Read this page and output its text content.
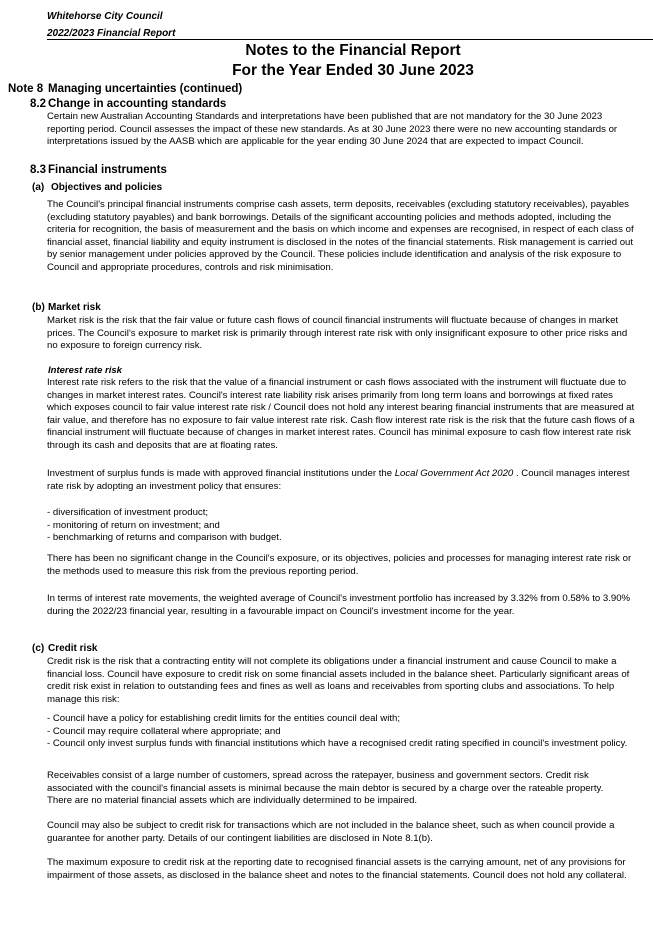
Whitehorse City Council
2022/2023 Financial Report
Notes to the Financial Report
For the Year Ended 30 June 2023
Note 8 Managing uncertainties (continued)
8.2 Change in accounting standards
Certain new Australian Accounting Standards and interpretations have been published that are not mandatory for the 30 June 2023
reporting period. Council assesses the impact of these new standards. As at 30 June 2023 there were no new accounting standards or
interpretations issued by the AASB which are applicable for the year ending 30 June 2024 that are expected to impact Council.
8.3 Financial instruments
(a) Objectives and policies
The Council's principal financial instruments comprise cash assets, term deposits, receivables (excluding statutory receivables), payables
(excluding statutory payables) and bank borrowings. Details of the significant accounting policies and methods adopted, including the
criteria for recognition, the basis of measurement and the basis on which income and expenses are recognised, in respect of each class of
financial asset, financial liability and equity instrument is disclosed in the notes of the financial statements. Risk management is carried out
by senior management under policies approved by the Council. These policies include identification and analysis of the risk exposure to
Council and appropriate procedures, controls and risk minimisation.
(b) Market risk
Market risk is the risk that the fair value or future cash flows of council financial instruments will fluctuate because of changes in market
prices. The Council's exposure to market risk is primarily through interest rate risk with only insignificant exposure to other price risks and
no exposure to foreign currency risk.
Interest rate risk
Interest rate risk refers to the risk that the value of a financial instrument or cash flows associated with the instrument will fluctuate due to
changes in market interest rates. Council's interest rate liability risk arises primarily from long term loans and borrowings at fixed rates
which exposes council to fair value interest rate risk / Council does not hold any interest bearing financial instruments that are measured at
fair value, and therefore has no exposure to fair value interest rate risk. Cash flow interest rate risk is the risk that the future cash flows of a
financial instrument will fluctuate because of changes in market interest rates. Council has minimal exposure to cash flow interest rate risk
through its cash and deposits that are at floating rates.
Investment of surplus funds is made with approved financial institutions under the Local Government Act 2020 . Council manages interest
rate risk by adopting an investment policy that ensures:
- diversification of investment product;
- monitoring of return on investment; and
- benchmarking of returns and comparison with budget.
There has been no significant change in the Council's exposure, or its objectives, policies and processes for managing interest rate risk or
the methods used to measure this risk from the previous reporting period.
In terms of interest rate movements, the weighted average of Council's investment portfolio has increased by 3.32% from 0.58% to 3.90%
during the 2022/23 financial year, resulting in a favourable impact on Council's investment income for the year.
(c) Credit risk
Credit risk is the risk that a contracting entity will not complete its obligations under a financial instrument and cause Council to make a
financial loss. Council have exposure to credit risk on some financial assets included in the balance sheet. Particularly significant areas of
credit risk exist in relation to outstanding fees and fines as well as loans and receivables from sporting clubs and associations. To help
manage this risk:
- Council have a policy for establishing credit limits for the entities council deal with;
- Council may require collateral where appropriate; and
- Council only invest surplus funds with financial institutions which have a recognised credit rating specified in council's investment policy.
Receivables consist of a large number of customers, spread across the ratepayer, business and government sectors. Credit risk
associated with the council's financial assets is minimal because the main debtor is secured by a charge over the rateable property.
There are no material financial assets which are individually determined to be impaired.
Council may also be subject to credit risk for transactions which are not included in the balance sheet, such as when council provide a
guarantee for another party. Details of our contingent liabilities are disclosed in Note 8.1(b).
The maximum exposure to credit risk at the reporting date to recognised financial assets is the carrying amount, net of any provisions for
impairment of those assets, as disclosed in the balance sheet and notes to the financial statements. Council does not hold any collateral.
